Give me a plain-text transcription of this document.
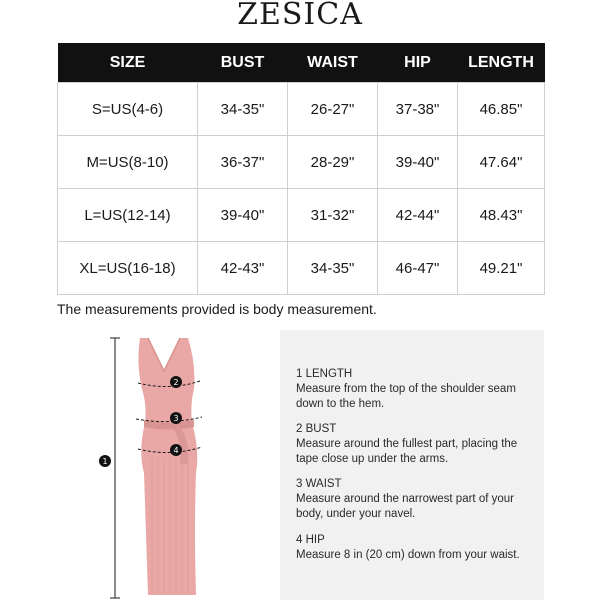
ZESICA
SIZE	BUST	WAIST	HIP	LENGTH
S=US(4-6)	34-35"	26-27"	37-38"	46.85"
M=US(8-10)	36-37"	28-29"	39-40"	47.64"
L=US(12-14)	39-40"	31-32"	42-44"	48.43"
XL=US(16-18)	42-43"	34-35"	46-47"	49.21"
The measurements provided is body measurement.
1
2
3
4
1 LENGTH
Measure from the top of the shoulder seam down to the hem.
2 BUST
Measure around the fullest part, placing the tape close up under the arms.
3 WAIST
Measure around the narrowest part of your body, under your navel.
4 HIP
Measure 8 in (20 cm) down from your waist.
